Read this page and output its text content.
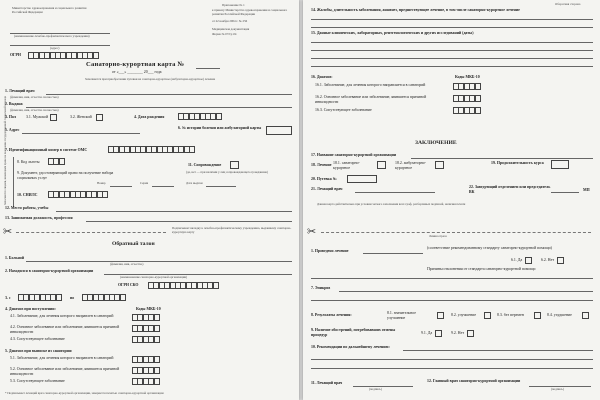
Министерство здравоохранения и социального развития Российской Федерации
Приложение № 1
к приказу Министерства здравоохранения и социального развития Российской Федерации
от 22 ноября 2004 г. № 256
Медицинская документация
Форма № 072/у-04
(наименование лечебно-профилактического учреждения)
(адрес)
ОГРН
Санаторно-курортная карта №
от «___» ________ 20___ года
Заполняется при приобретении путевки на санаторно-курортное (амбулаторно-курортное) лечение
1. Лечащий врач
(фамилия, имя, отчество полностью)
2. Выдана
(фамилия, имя, отчество полностью)
3. Пол	3.1. Мужской	3.2. Женский	4. Дата рождения
5. Адрес	6. № истории болезни или амбулаторной карты
7. Идентификационный номер в системе ОМС
Заполняется лицами, имеющими право на получение государственной социальной помощи	8. Код льготы
9. Документ, удостоверяющий право на получение набора социальных услуг
Номер	Серия	Дата выдачи
10. СНИЛС
11. Сопровождение
(да, нет — при наличии у лиц сопровождающего гражданина)
12. Место работы, учебы
13. Занимаемая должность, профессия
✂	Подписывает вкладку к лечебно-профилактическому учреждению, выдавшему санаторно-курортную карту
Обратный талон
1. Больной
(фамилия, имя, отчество)
2. Находился в санаторно-курортной организации
(наименование санаторно-курортной организации)
ОГРН СКО
3. с	по
4. Диагноз при поступлении:	Коды МКБ-10
4.1. Заболевание, для лечения которого направлен в санаторий
4.2. Основное заболевание или заболевание, явившееся причиной инвалидности
4.3. Сопутствующее заболевание
5. Диагноз при выписке из санатория:
5.1. Заболевание, для лечения которого направлен в санаторий
5.2. Основное заболевание или заболевание, явившееся причиной инвалидности
5.3. Сопутствующее заболевание
* Подписывает лечащий врач санаторно-курортной организации, заверяется печатью санаторно-курортной организации
Оборотная сторона
14. Жалобы, длительность заболевания, анамнез, предшествующее лечение, в том числе санаторно-курортное лечение
15. Данные клинических, лабораторных, рентгенологических и других исследований (даты)
16. Диагноз:	Коды МКБ-10
16.1. Заболевание, для лечения которого направляется в санаторий
16.2. Основное заболевание или заболевание, явившееся причиной инвалидности
16.3. Сопутствующее заболевание
ЗАКЛЮЧЕНИЕ
17. Название санаторно-курортной организации
18. Лечение 18.1. санаторно-курортное
18.2. амбулаторно-курортное
19. Продолжительность курса
20. Путевка №
21. Лечащий врач	22. Заведующий отделением или председатель ВК	МП
Данная карта действительна при условии четкого заполнения всех граф, разборчивых подписей, наличия печати
✂	Линия отреза
1. Проведено лечение
(соответствие рекомендованному стандарту санаторно-курортной помощи)
6.1. Да	6.2. Нет
Причины отклонения от стандарта санаторно-курортной помощи
7. Эпикриз
8. Результаты лечения:	8.1. значительное улучшение
8.2. улучшение	8.3. без перемен	8.4. ухудшение
9. Наличие обострений, потребовавших отмены процедур	9.1. Да	9.2. Нет
10. Рекомендации по дальнейшему лечению:
11. Лечащий врач
(подпись)
12. Главный врач санаторно-курортной организации
(подпись)
